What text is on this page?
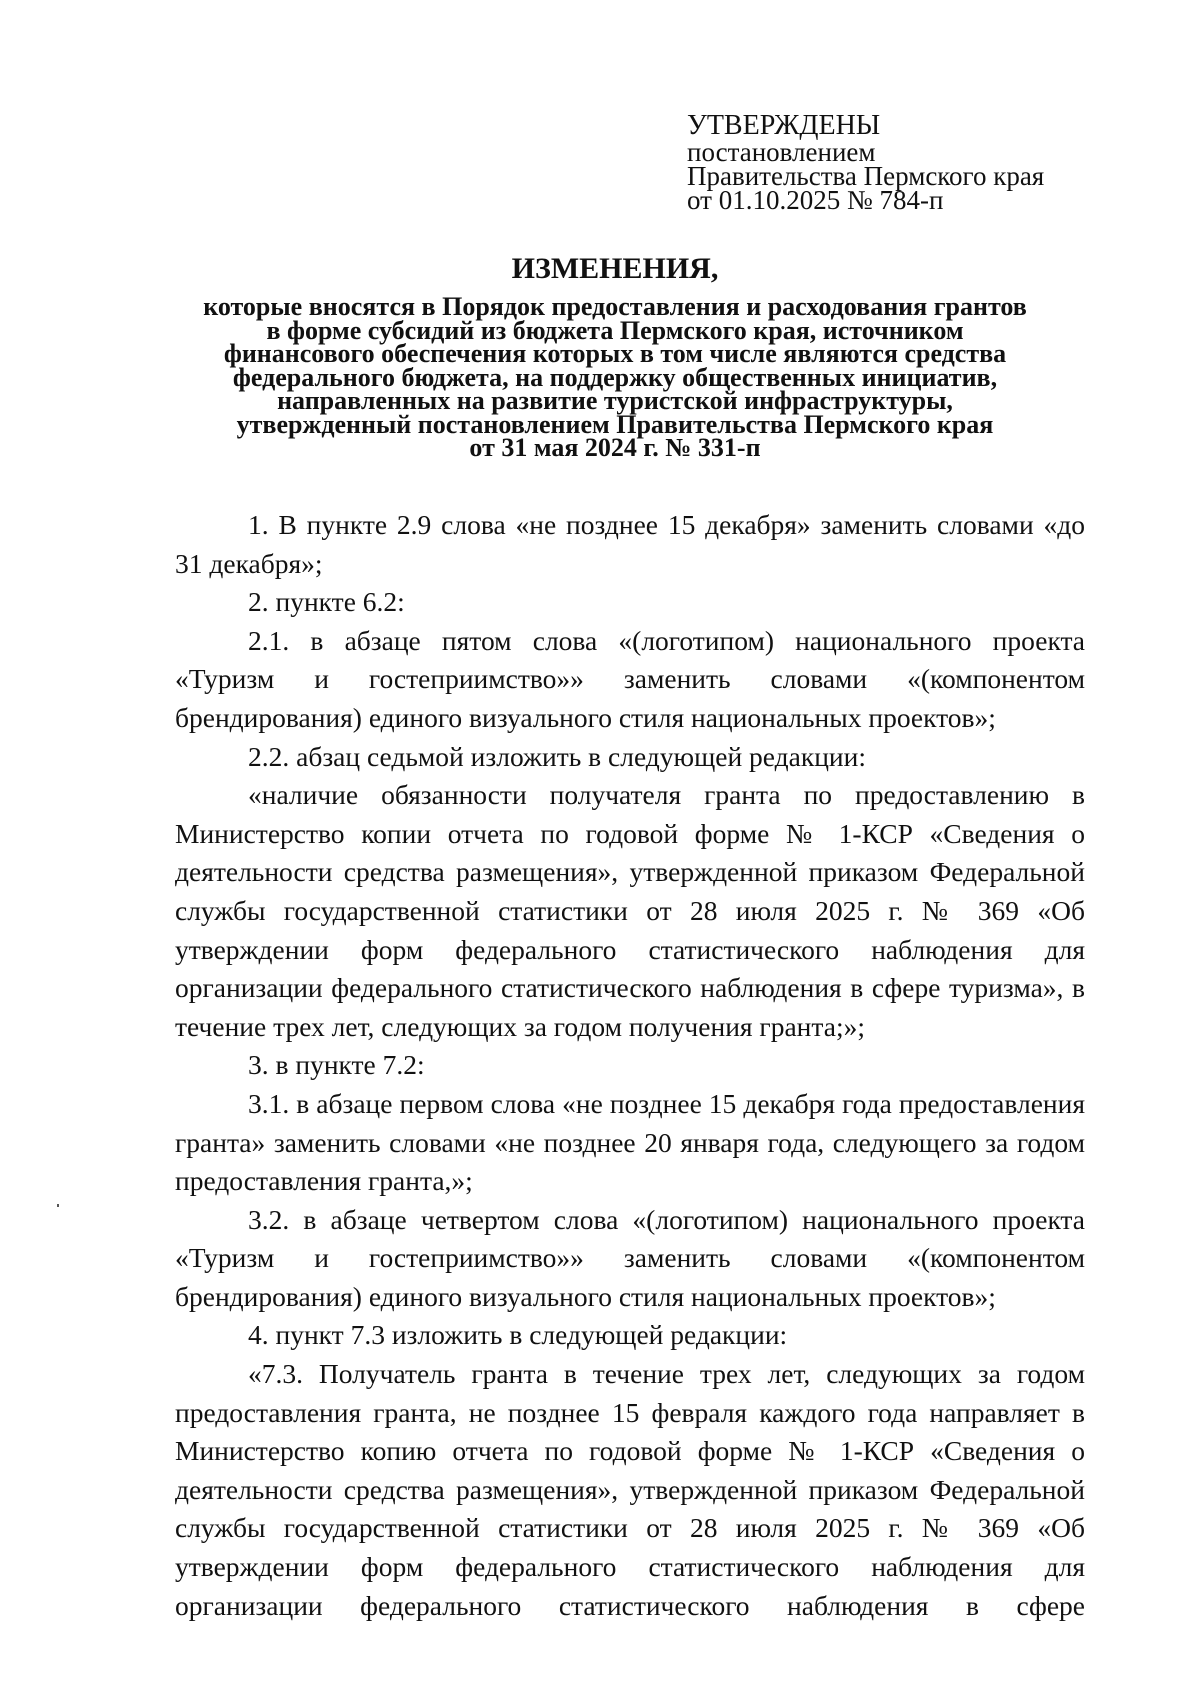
УТВЕРЖДЕНЫ
постановлением
Правительства Пермского края
от 01.10.2025 № 784-п
ИЗМЕНЕНИЯ,
которые вносятся в Порядок предоставления и расходования грантов
в форме субсидий из бюджета Пермского края, источником
финансового обеспечения которых в том числе являются средства
федерального бюджета, на поддержку общественных инициатив,
направленных на развитие туристской инфраструктуры,
утвержденный постановлением Правительства Пермского края
от 31 мая 2024 г. № 331-п

1. В пункте 2.9 слова «не позднее 15 декабря» заменить словами «до 31 декабря»;

2. пункте 6.2:

2.1. в абзаце пятом слова «(логотипом) национального проекта «Туризм и гостеприимство»» заменить словами «(компонентом брендирования) единого визуального стиля национальных проектов»;

2.2. абзац седьмой изложить в следующей редакции:

«наличие обязанности получателя гранта по предоставлению в Министерство копии отчета по годовой форме № 1-КСР «Сведения о деятельности средства размещения», утвержденной приказом Федеральной службы государственной статистики от 28 июля 2025 г. № 369 «Об утверждении форм федерального статистического наблюдения для организации федерального статистического наблюдения в сфере туризма», в течение трех лет, следующих за годом получения гранта;»;

3. в пункте 7.2:

3.1. в абзаце первом слова «не позднее 15 декабря года предоставления гранта» заменить словами «не позднее 20 января года, следующего за годом предоставления гранта,»;

3.2. в абзаце четвертом слова «(логотипом) национального проекта «Туризм и гостеприимство»» заменить словами «(компонентом брендирования) единого визуального стиля национальных проектов»;

4. пункт 7.3 изложить в следующей редакции:

«7.3. Получатель гранта в течение трех лет, следующих за годом предоставления гранта, не позднее 15 февраля каждого года направляет в Министерство копию отчета по годовой форме № 1-КСР «Сведения о деятельности средства размещения», утвержденной приказом Федеральной службы государственной статистики от 28 июля 2025 г. № 369 «Об утверждении форм федерального статистического наблюдения для организации федерального статистического наблюдения в сфере
